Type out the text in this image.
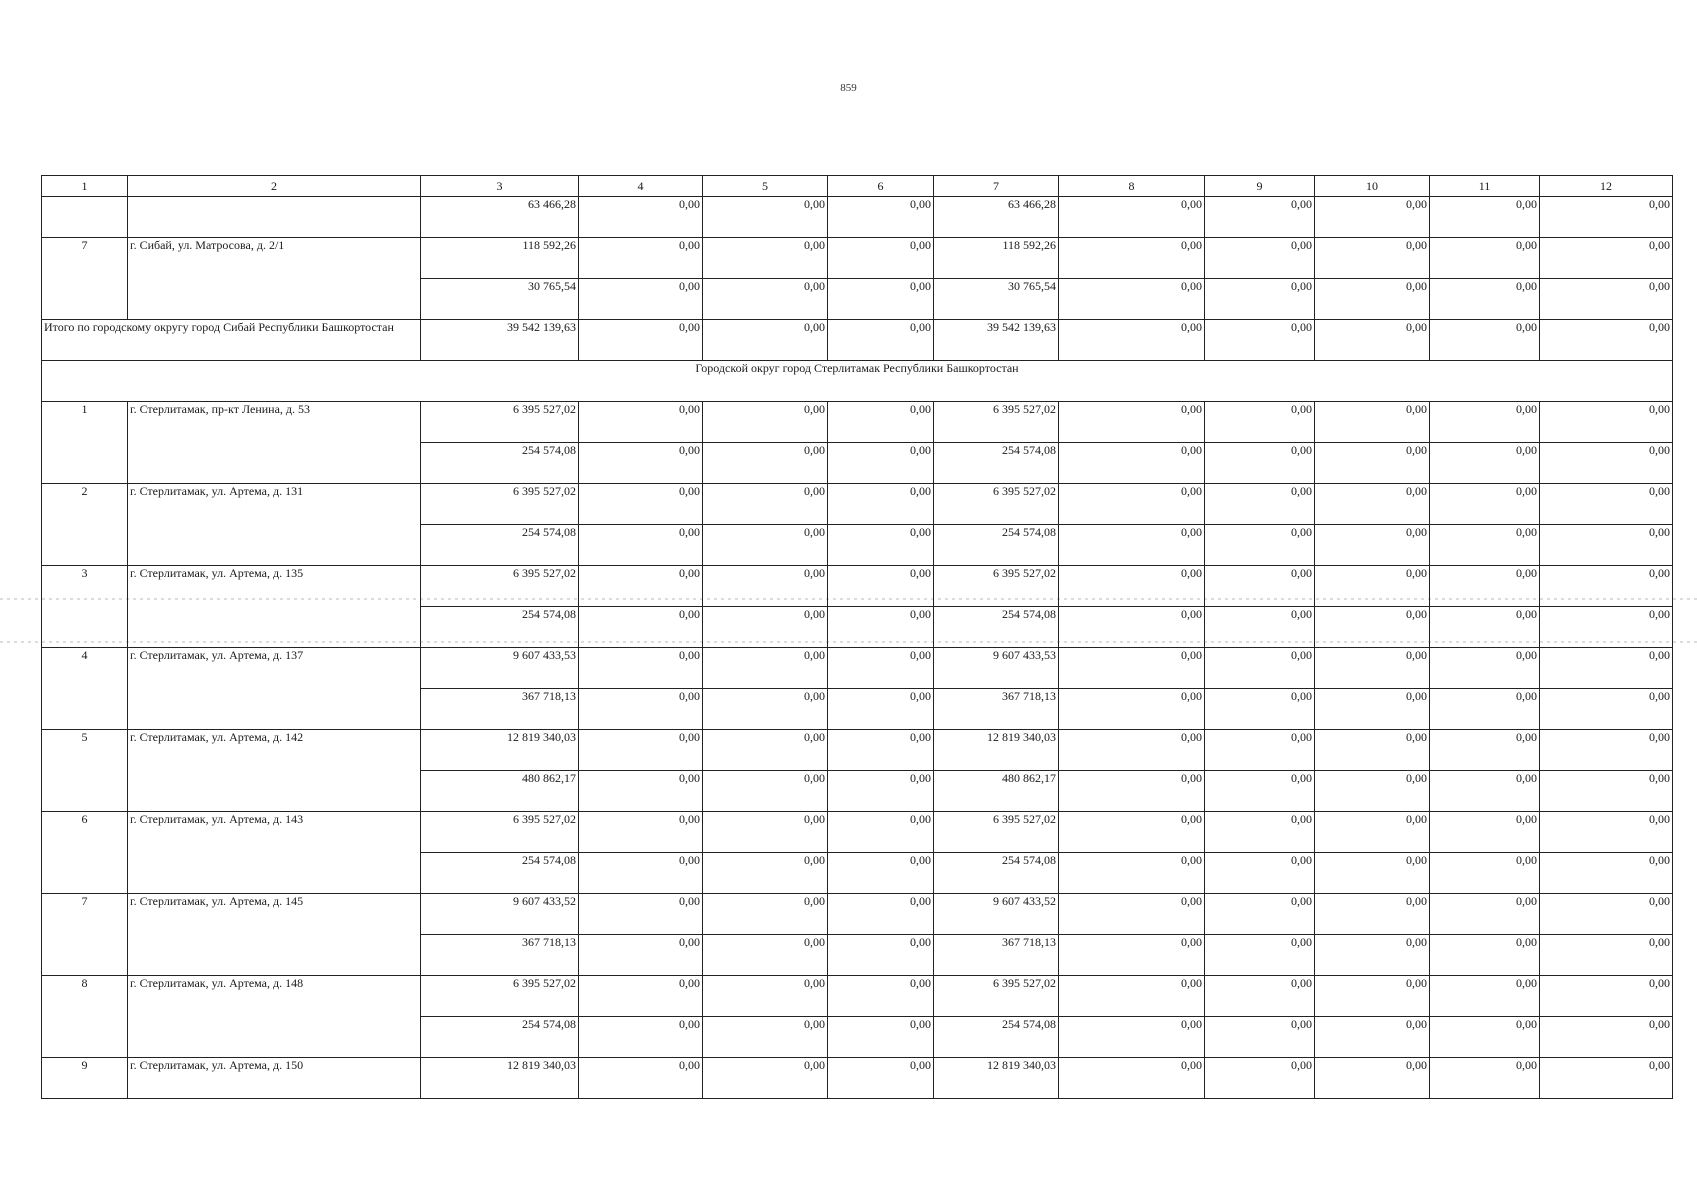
859
1	2	3	4	5	6	7	8	9	10	11	12
		63 466,28	0,00	0,00	0,00	63 466,28	0,00	0,00	0,00	0,00	0,00
7	г. Сибай, ул. Матросова, д. 2/1	118 592,26	0,00	0,00	0,00	118 592,26	0,00	0,00	0,00	0,00	0,00
		30 765,54	0,00	0,00	0,00	30 765,54	0,00	0,00	0,00	0,00	0,00
Итого по городскому округу город Сибай Республики Башкортостан		39 542 139,63	0,00	0,00	0,00	39 542 139,63	0,00	0,00	0,00	0,00	0,00
Городской округ город Стерлитамак Республики Башкортостан											
1	г. Стерлитамак, пр-кт Ленина, д. 53	6 395 527,02	0,00	0,00	0,00	6 395 527,02	0,00	0,00	0,00	0,00	0,00
		254 574,08	0,00	0,00	0,00	254 574,08	0,00	0,00	0,00	0,00	0,00
2	г. Стерлитамак, ул. Артема, д. 131	6 395 527,02	0,00	0,00	0,00	6 395 527,02	0,00	0,00	0,00	0,00	0,00
		254 574,08	0,00	0,00	0,00	254 574,08	0,00	0,00	0,00	0,00	0,00
3	г. Стерлитамак, ул. Артема, д. 135	6 395 527,02	0,00	0,00	0,00	6 395 527,02	0,00	0,00	0,00	0,00	0,00
		254 574,08	0,00	0,00	0,00	254 574,08	0,00	0,00	0,00	0,00	0,00
4	г. Стерлитамак, ул. Артема, д. 137	9 607 433,53	0,00	0,00	0,00	9 607 433,53	0,00	0,00	0,00	0,00	0,00
		367 718,13	0,00	0,00	0,00	367 718,13	0,00	0,00	0,00	0,00	0,00
5	г. Стерлитамак, ул. Артема, д. 142	12 819 340,03	0,00	0,00	0,00	12 819 340,03	0,00	0,00	0,00	0,00	0,00
		480 862,17	0,00	0,00	0,00	480 862,17	0,00	0,00	0,00	0,00	0,00
6	г. Стерлитамак, ул. Артема, д. 143	6 395 527,02	0,00	0,00	0,00	6 395 527,02	0,00	0,00	0,00	0,00	0,00
		254 574,08	0,00	0,00	0,00	254 574,08	0,00	0,00	0,00	0,00	0,00
7	г. Стерлитамак, ул. Артема, д. 145	9 607 433,52	0,00	0,00	0,00	9 607 433,52	0,00	0,00	0,00	0,00	0,00
		367 718,13	0,00	0,00	0,00	367 718,13	0,00	0,00	0,00	0,00	0,00
8	г. Стерлитамак, ул. Артема, д. 148	6 395 527,02	0,00	0,00	0,00	6 395 527,02	0,00	0,00	0,00	0,00	0,00
		254 574,08	0,00	0,00	0,00	254 574,08	0,00	0,00	0,00	0,00	0,00
9	г. Стерлитамак, ул. Артема, д. 150	12 819 340,03	0,00	0,00	0,00	12 819 340,03	0,00	0,00	0,00	0,00	0,00
